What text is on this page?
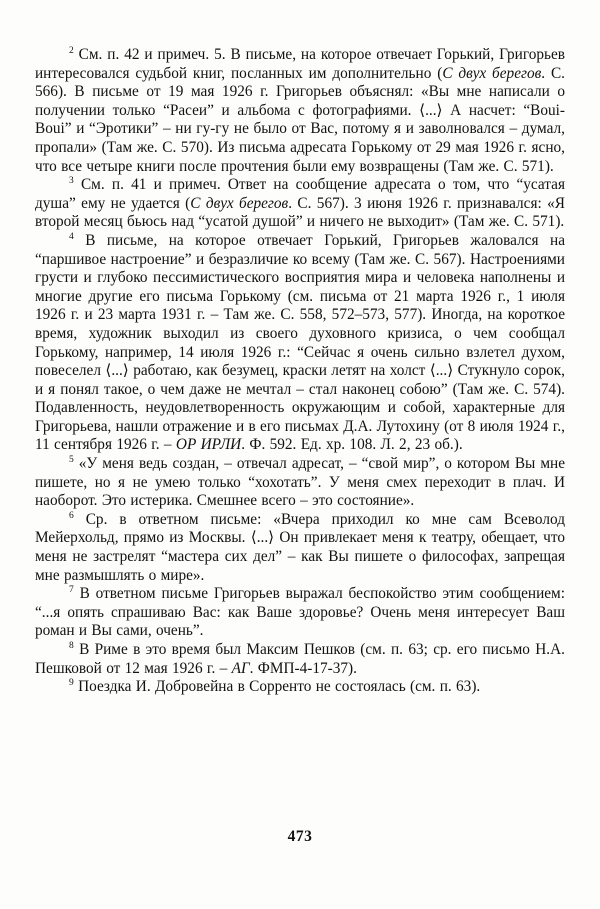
$^2$ См. п. 42 и примеч. 5. В письме, на которое отвечает Горький, Григорьев интересовался судьбой книг, посланных им дополнительно (С двух берегов. С. 566). В письме от 19 мая 1926 г. Григорьев объяснял: «Вы мне написали о получении только “Расеи” и альбома с фотографиями. ⟨...⟩ А насчет: “Boui-Boui” и “Эротики” – ни гу-гу не было от Вас, потому я и заволновался – думал, пропали» (Там же. С. 570). Из письма адресата Горькому от 29 мая 1926 г. ясно, что все четыре книги после прочтения были ему возвращены (Там же. С. 571).

$^3$ См. п. 41 и примеч. Ответ на сообщение адресата о том, что “усатая душа” ему не удается (С двух берегов. С. 567). 3 июня 1926 г. признавался: «Я второй месяц бьюсь над “усатой душой” и ничего не выходит» (Там же. С. 571).

$^4$ В письме, на которое отвечает Горький, Григорьев жаловался на “паршивое настроение” и безразличие ко всему (Там же. С. 567). Настроениями грусти и глубоко пессимистического восприятия мира и человека наполнены и многие другие его письма Горькому (см. письма от 21 марта 1926 г., 1 июля 1926 г. и 23 марта 1931 г. – Там же. С. 558, 572–573, 577). Иногда, на короткое время, художник выходил из своего духовного кризиса, о чем сообщал Горькому, например, 14 июля 1926 г.: “Сейчас я очень сильно взлетел духом, повеселел ⟨...⟩ работаю, как безумец, краски летят на холст ⟨...⟩ Стукнуло сорок, и я понял такое, о чем даже не мечтал – стал наконец собою” (Там же. С. 574). Подавленность, неудовлетворенность окружающим и собой, характерные для Григорьева, нашли отражение и в его письмах Д.А. Лутохину (от 8 июля 1924 г., 11 сентября 1926 г. – ОР ИРЛИ. Ф. 592. Ед. хр. 108. Л. 2, 23 об.).

$^5$ «У меня ведь создан, – отвечал адресат, – “свой мир”, о котором Вы мне пишете, но я не умею только “хохотать”. У меня смех переходит в плач. И наоборот. Это истерика. Смешнее всего – это состояние».

$^6$ Ср. в ответном письме: «Вчера приходил ко мне сам Всеволод Мейерхольд, прямо из Москвы. ⟨...⟩ Он привлекает меня к театру, обещает, что меня не застрелят “мастера сих дел” – как Вы пишете о философах, запрещая мне размышлять о мире».

$^7$ В ответном письме Григорьев выражал беспокойство этим сообщением: “...я опять спрашиваю Вас: как Ваше здоровье? Очень меня интересует Ваш роман и Вы сами, очень”.

$^8$ В Риме в это время был Максим Пешков (см. п. 63; ср. его письмо Н.А. Пешковой от 12 мая 1926 г. – АГ. ФМП-4-17-37).

$^9$ Поездка И. Добровейна в Сорренто не состоялась (см. п. 63).

473
